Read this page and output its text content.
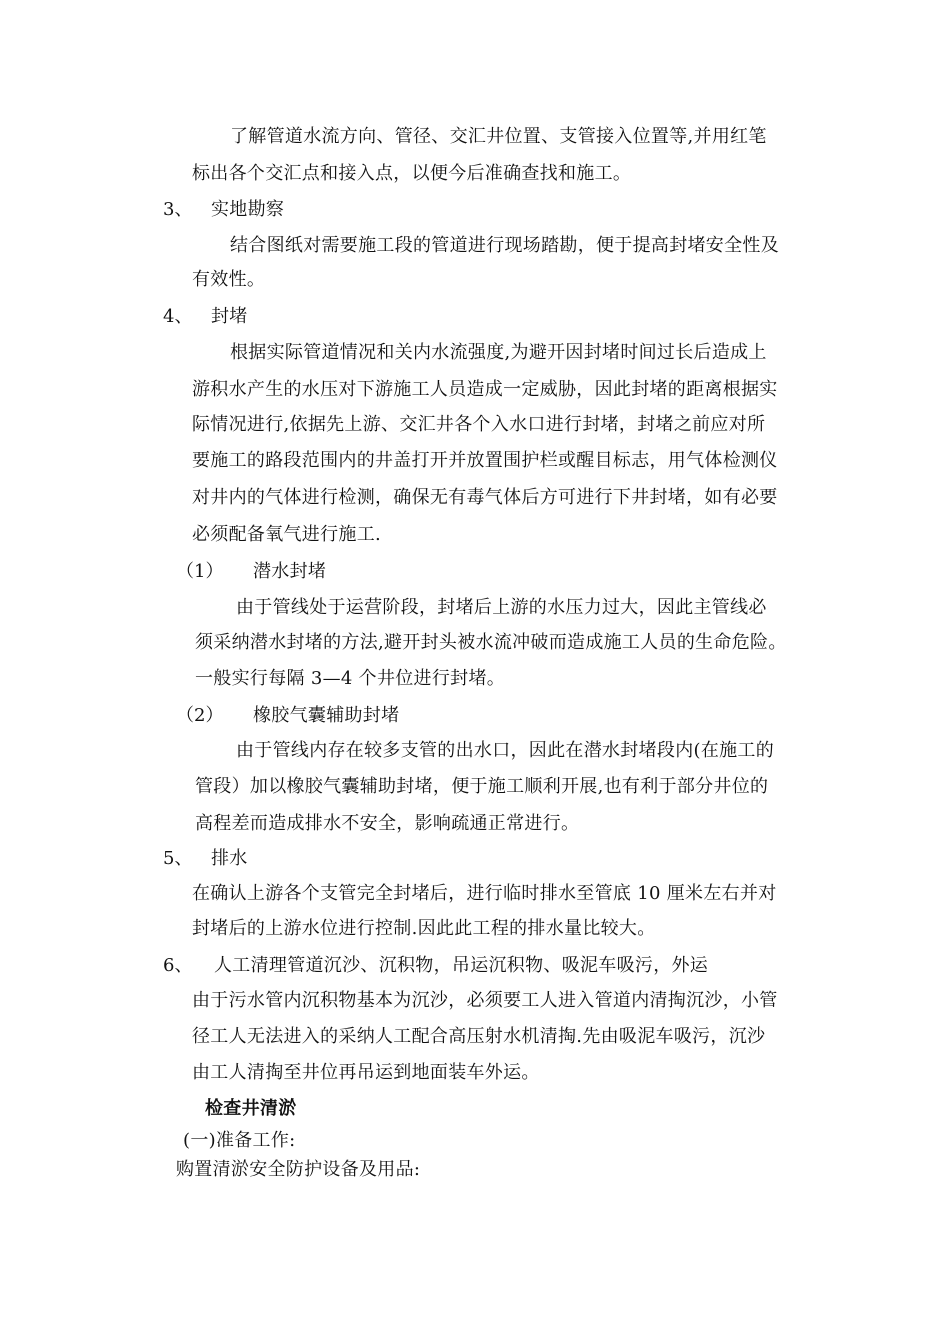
了解管道水流方向、管径、交汇井位置、支管接入位置等,并用红笔
标出各个交汇点和接入点，以便今后准确查找和施工。
3、 实地勘察
结合图纸对需要施工段的管道进行现场踏勘，便于提高封堵安全性及
有效性。
4、 封堵
根据实际管道情况和关内水流强度,为避开因封堵时间过长后造成上
游积水产生的水压对下游施工人员造成一定威胁，因此封堵的距离根据实
际情况进行,依据先上游、交汇井各个入水口进行封堵，封堵之前应对所
要施工的路段范围内的井盖打开并放置围护栏或醒目标志，用气体检测仪
对井内的气体进行检测，确保无有毒气体后方可进行下井封堵，如有必要
必须配备氧气进行施工.
（1） 潜水封堵
由于管线处于运营阶段，封堵后上游的水压力过大，因此主管线必
须采纳潜水封堵的方法,避开封头被水流冲破而造成施工人员的生命危险。
一般实行每隔 3—4 个井位进行封堵。
（2） 橡胶气囊辅助封堵
由于管线内存在较多支管的出水口，因此在潜水封堵段内(在施工的
管段）加以橡胶气囊辅助封堵，便于施工顺利开展,也有利于部分井位的
高程差而造成排水不安全，影响疏通正常进行。
5、 排水
在确认上游各个支管完全封堵后，进行临时排水至管底 10 厘米左右并对
封堵后的上游水位进行控制.因此此工程的排水量比较大。
6、 人工清理管道沉沙、沉积物，吊运沉积物、吸泥车吸污，外运
由于污水管内沉积物基本为沉沙，必须要工人进入管道内清掏沉沙，小管
径工人无法进入的采纳人工配合高压射水机清掏.先由吸泥车吸污，沉沙
由工人清掏至井位再吊运到地面装车外运。
检查井清淤
(一)准备工作:
购置清淤安全防护设备及用品:
